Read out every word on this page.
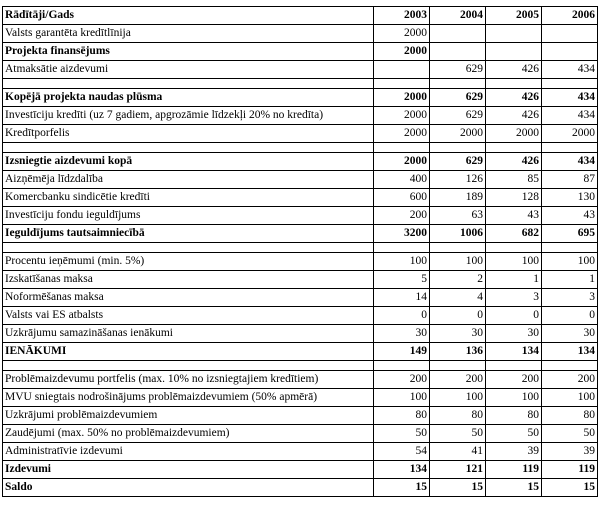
Rādītāji/Gads	2003	2004	2005	2006
Valsts garantēta kredītlīnija	2000			
Projekta finansējums	2000			
Atmaksātie aizdevumi		629	426	434

Kopējā projekta naudas plūsma	2000	629	426	434
Investīciju kredīti (uz 7 gadiem, apgrozāmie līdzekļi 20% no kredīta)	2000	629	426	434
Kredītporfelis	2000	2000	2000	2000

Izsniegtie aizdevumi kopā	2000	629	426	434
Aizņēmēja līdzdalība	400	126	85	87
Komercbanku sindicētie kredīti	600	189	128	130
Investīciju fondu ieguldījums	200	63	43	43
Ieguldījums tautsaimniecībā	3200	1006	682	695

Procentu ieņēmumi (min. 5%)	100	100	100	100
Izskatīšanas maksa	5	2	1	1
Noformēšanas maksa	14	4	3	3
Valsts vai ES atbalsts	0	0	0	0
Uzkrājumu samazināšanas ienākumi	30	30	30	30
IENĀKUMI	149	136	134	134

Problēmaizdevumu portfelis (max. 10% no izsniegtajiem kredītiem)	200	200	200	200
MVU sniegtais nodrošinājums problēmaizdevumiem (50% apmērā)	100	100	100	100
Uzkrājumi problēmaizdevumiem	80	80	80	80
Zaudējumi (max. 50% no problēmaizdevumiem)	50	50	50	50
Administratīvie izdevumi	54	41	39	39
Izdevumi	134	121	119	119
Saldo	15	15	15	15
